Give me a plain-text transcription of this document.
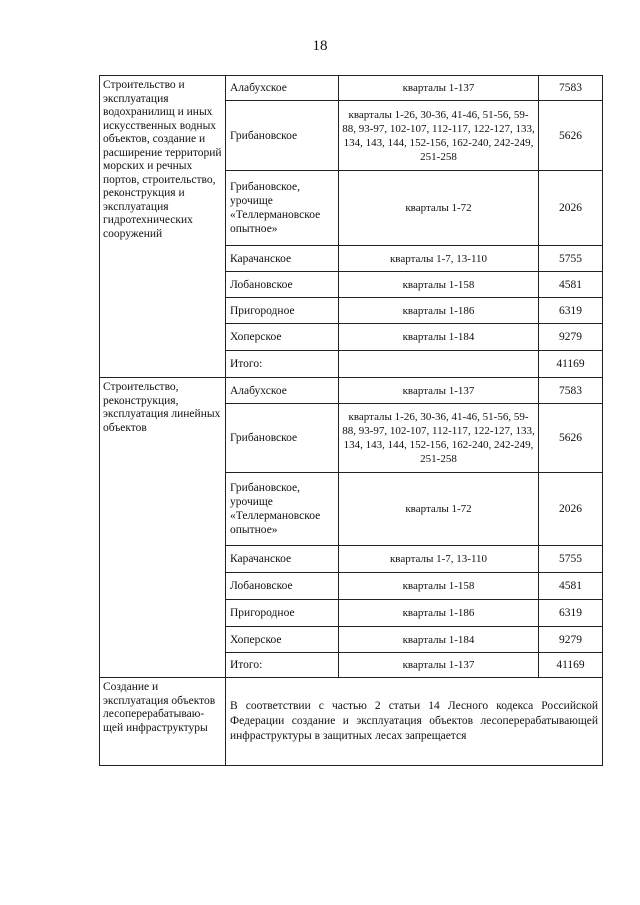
18
Строительство и эксплуатация водохранилищ и иных искусственных водных объектов, создание и расширение территорий морских и речных портов, строительство, реконструкция и эксплуатация гидротехнических сооружений	Алабухское	кварталы 1-137	7583
	Грибановское	кварталы 1-26, 30-36, 41-46, 51-56, 59-88, 93-97, 102-107, 112-117, 122-127, 133, 134, 143, 144, 152-156, 162-240, 242-249, 251-258	5626
	Грибановское, урочище «Теллермановское опытное»	кварталы 1-72	2026
	Карачанское	кварталы 1-7, 13-110	5755
	Лобановское	кварталы 1-158	4581
	Пригородное	кварталы 1-186	6319
	Хоперское	кварталы 1-184	9279
	Итого:		41169
Строительство, реконструкция, эксплуатация линейных объектов	Алабухское	кварталы 1-137	7583
	Грибановское	кварталы 1-26, 30-36, 41-46, 51-56, 59-88, 93-97, 102-107, 112-117, 122-127, 133, 134, 143, 144, 152-156, 162-240, 242-249, 251-258	5626
	Грибановское, урочище «Теллермановское опытное»	кварталы 1-72	2026
	Карачанское	кварталы 1-7, 13-110	5755
	Лобановское	кварталы 1-158	4581
	Пригородное	кварталы 1-186	6319
	Хоперское	кварталы 1-184	9279
	Итого:	кварталы 1-137	41169
Создание и эксплуатация объектов лесоперерабатываю-щей инфраструктуры	В соответствии с частью 2 статьи 14 Лесного кодекса Российской Федерации создание и эксплуатация объектов лесоперерабатывающей инфраструктуры в защитных лесах запрещается		
